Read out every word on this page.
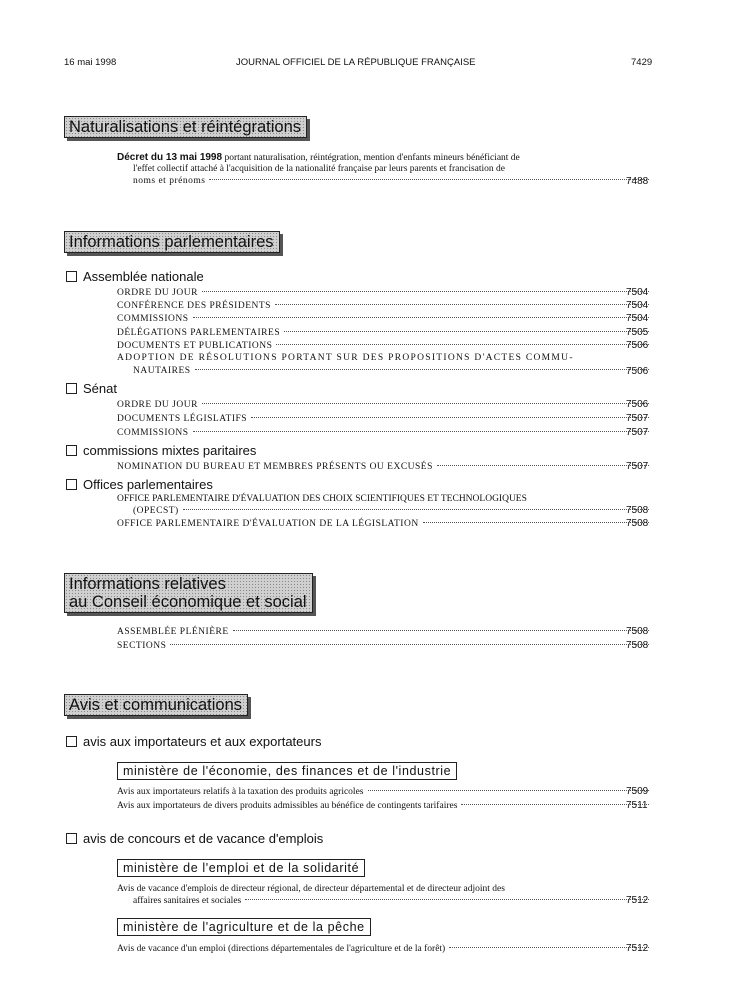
16 mai 1998	JOURNAL OFFICIEL DE LA RÉPUBLIQUE FRANÇAISE	7429
Naturalisations et réintégrations
Décret du 13 mai 1998 portant naturalisation, réintégration, mention d'enfants mineurs bénéficiant de
l'effet collectif attaché à l'acquisition de la nationalité française par leurs parents et francisation de
noms et prénoms	7488
Informations parlementaires
Assemblée nationale
ORDRE DU JOUR	7504
CONFÉRENCE DES PRÉSIDENTS	7504
COMMISSIONS	7504
DÉLÉGATIONS PARLEMENTAIRES	7505
DOCUMENTS ET PUBLICATIONS	7506
ADOPTION DE RÉSOLUTIONS PORTANT SUR DES PROPOSITIONS D'ACTES COMMU-
NAUTAIRES	7506
Sénat
ORDRE DU JOUR	7506
DOCUMENTS LÉGISLATIFS	7507
COMMISSIONS	7507
commissions mixtes paritaires
NOMINATION DU BUREAU ET MEMBRES PRÉSENTS OU EXCUSÉS	7507
Offices parlementaires
OFFICE PARLEMENTAIRE D'ÉVALUATION DES CHOIX SCIENTIFIQUES ET TECHNOLOGIQUES
(OPECST)	7508
OFFICE PARLEMENTAIRE D'ÉVALUATION DE LA LÉGISLATION	7508
Informations relatives
au Conseil économique et social
ASSEMBLÉE PLÉNIÈRE	7508
SECTIONS	7508
Avis et communications
avis aux importateurs et aux exportateurs
ministère de l'économie, des finances et de l'industrie
Avis aux importateurs relatifs à la taxation des produits agricoles	7509
Avis aux importateurs de divers produits admissibles au bénéfice de contingents tarifaires	7511
avis de concours et de vacance d'emplois
ministère de l'emploi et de la solidarité
Avis de vacance d'emplois de directeur régional, de directeur départemental et de directeur adjoint des
affaires sanitaires et sociales	7512
ministère de l'agriculture et de la pêche
Avis de vacance d'un emploi (directions départementales de l'agriculture et de la forêt)	7512
